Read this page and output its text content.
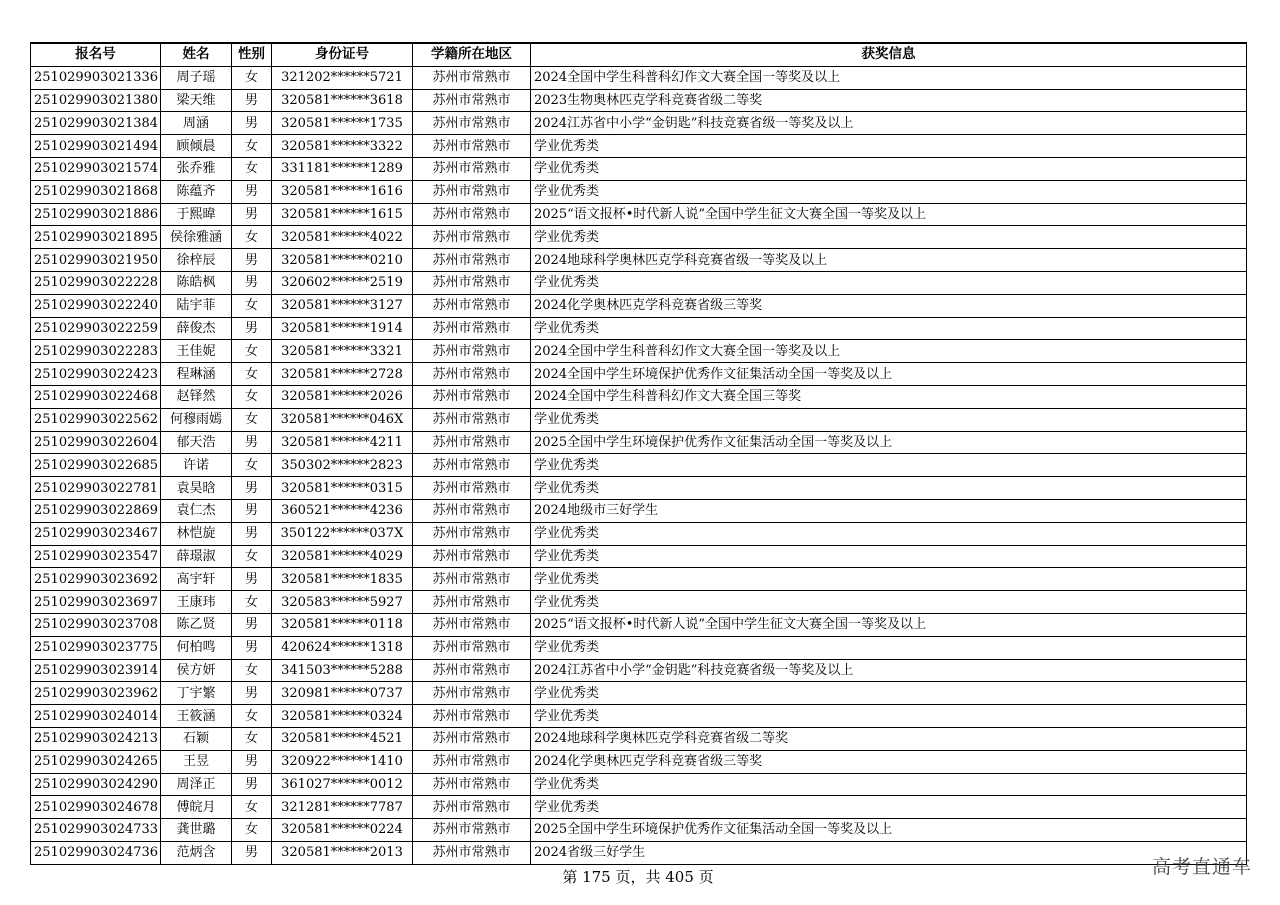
报名号	姓名	性别	身份证号	学籍所在地区	获奖信息
251029903021336	周子瑶	女	321202******5721	苏州市常熟市	2024全国中学生科普科幻作文大赛全国一等奖及以上
251029903021380	梁天维	男	320581******3618	苏州市常熟市	2023生物奥林匹克学科竞赛省级二等奖
251029903021384	周涵	男	320581******1735	苏州市常熟市	2024江苏省中小学“金钥匙”科技竞赛省级一等奖及以上
251029903021494	顾倾晨	女	320581******3322	苏州市常熟市	学业优秀类
251029903021574	张乔雅	女	331181******1289	苏州市常熟市	学业优秀类
251029903021868	陈蕴齐	男	320581******1616	苏州市常熟市	学业优秀类
251029903021886	于熙暐	男	320581******1615	苏州市常熟市	2025“语文报杯•时代新人说”全国中学生征文大赛全国一等奖及以上
251029903021895	侯徐雅涵	女	320581******4022	苏州市常熟市	学业优秀类
251029903021950	徐梓辰	男	320581******0210	苏州市常熟市	2024地球科学奥林匹克学科竞赛省级一等奖及以上
251029903022228	陈皓枫	男	320602******2519	苏州市常熟市	学业优秀类
251029903022240	陆宇菲	女	320581******3127	苏州市常熟市	2024化学奥林匹克学科竞赛省级三等奖
251029903022259	薛俊杰	男	320581******1914	苏州市常熟市	学业优秀类
251029903022283	王佳妮	女	320581******3321	苏州市常熟市	2024全国中学生科普科幻作文大赛全国一等奖及以上
251029903022423	程琳涵	女	320581******2728	苏州市常熟市	2024全国中学生环境保护优秀作文征集活动全国一等奖及以上
251029903022468	赵铎然	女	320581******2026	苏州市常熟市	2024全国中学生科普科幻作文大赛全国三等奖
251029903022562	何穆雨嫣	女	320581******046X	苏州市常熟市	学业优秀类
251029903022604	郁天浩	男	320581******4211	苏州市常熟市	2025全国中学生环境保护优秀作文征集活动全国一等奖及以上
251029903022685	许诺	女	350302******2823	苏州市常熟市	学业优秀类
251029903022781	袁昊晗	男	320581******0315	苏州市常熟市	学业优秀类
251029903022869	袁仁杰	男	360521******4236	苏州市常熟市	2024地级市三好学生
251029903023467	林恺旋	男	350122******037X	苏州市常熟市	学业优秀类
251029903023547	薛璟淑	女	320581******4029	苏州市常熟市	学业优秀类
251029903023692	高宇轩	男	320581******1835	苏州市常熟市	学业优秀类
251029903023697	王康玮	女	320583******5927	苏州市常熟市	学业优秀类
251029903023708	陈乙贤	男	320581******0118	苏州市常熟市	2025“语文报杯•时代新人说”全国中学生征文大赛全国一等奖及以上
251029903023775	何柏鸣	男	420624******1318	苏州市常熟市	学业优秀类
251029903023914	侯方妍	女	341503******5288	苏州市常熟市	2024江苏省中小学“金钥匙”科技竞赛省级一等奖及以上
251029903023962	丁宇繁	男	320981******0737	苏州市常熟市	学业优秀类
251029903024014	王筱涵	女	320581******0324	苏州市常熟市	学业优秀类
251029903024213	石颖	女	320581******4521	苏州市常熟市	2024地球科学奥林匹克学科竞赛省级二等奖
251029903024265	王昱	男	320922******1410	苏州市常熟市	2024化学奥林匹克学科竞赛省级三等奖
251029903024290	周泽正	男	361027******0012	苏州市常熟市	学业优秀类
251029903024678	傅皖月	女	321281******7787	苏州市常熟市	学业优秀类
251029903024733	龚世璐	女	320581******0224	苏州市常熟市	2025全国中学生环境保护优秀作文征集活动全国一等奖及以上
251029903024736	范炳含	男	320581******2013	苏州市常熟市	2024省级三好学生
第 175 页，共 405 页	高考直通车
